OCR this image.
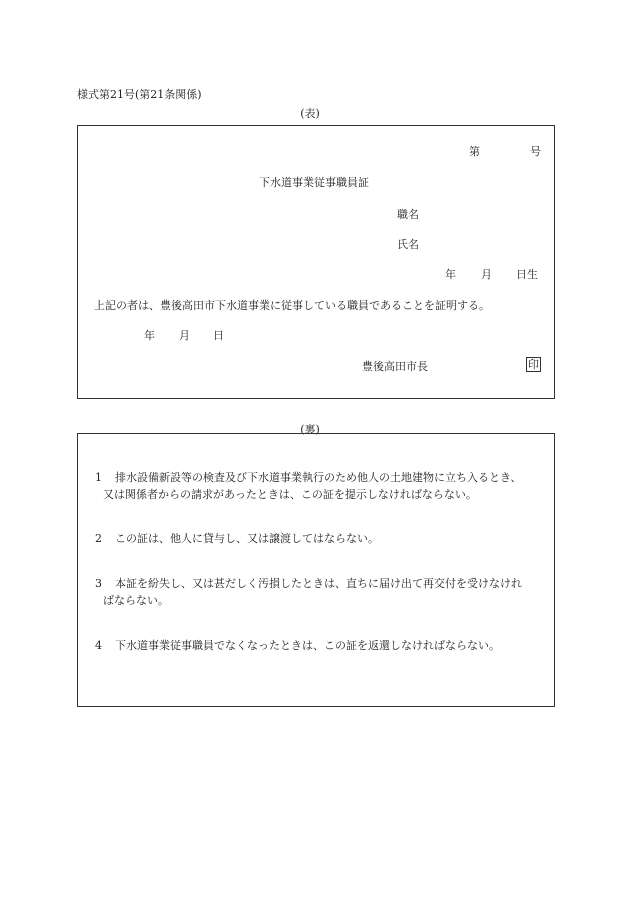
様式第21号(第21条関係)
(表)
第	号
下水道事業従事職員証
職名
氏名
年 月 日生
上記の者は、豊後高田市下水道事業に従事している職員であることを証明する。
年 月 日
豊後高田市長	印
(裏)
1 排水設備新設等の検査及び下水道事業執行のため他人の土地建物に立ち入るとき、
又は関係者からの請求があったときは、この証を提示しなければならない。
2 この証は、他人に貸与し、又は譲渡してはならない。
3 本証を紛失し、又は甚だしく汚損したときは、直ちに届け出て再交付を受けなけれ
ばならない。
4 下水道事業従事職員でなくなったときは、この証を返還しなければならない。
